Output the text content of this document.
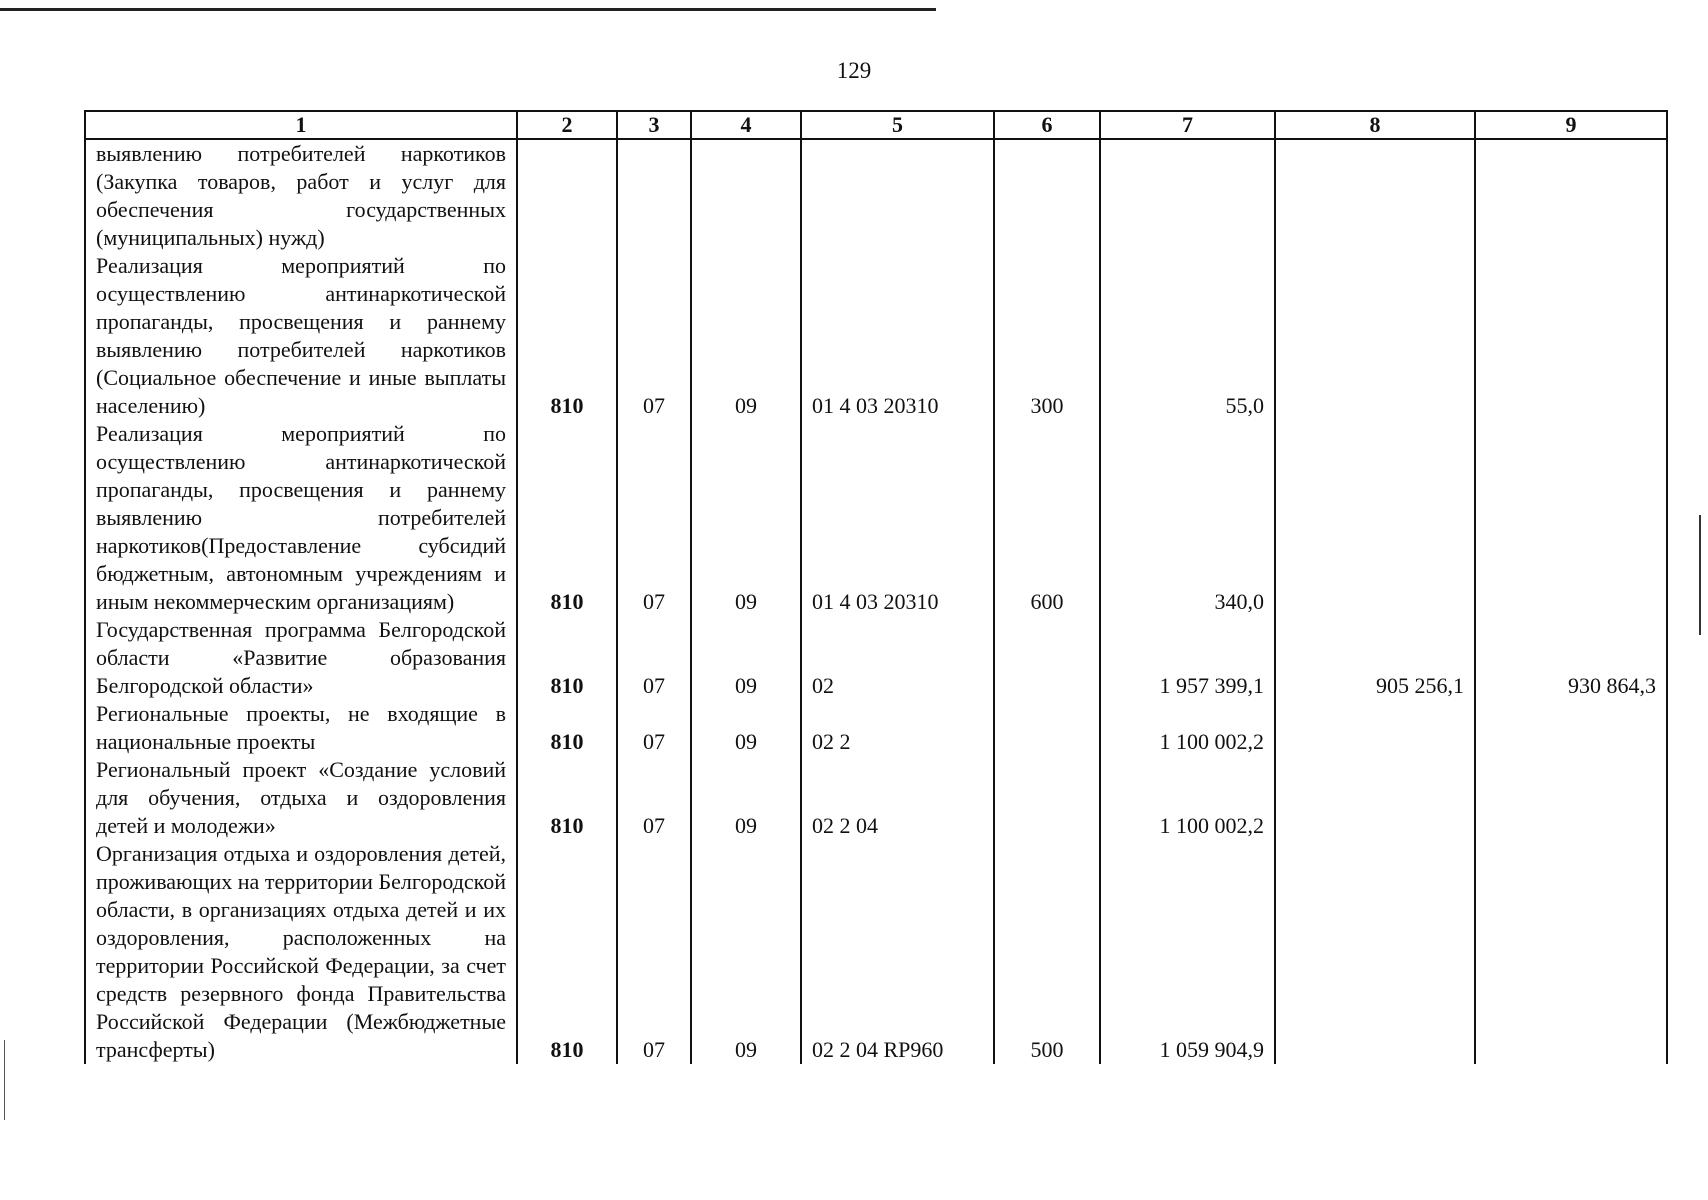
129
1	2	3	4	5	6	7	8	9
выявлению потребителей наркотиков (Закупка товаров, работ и услуг для обеспечения государственных (муниципальных) нужд)								
Реализация мероприятий по осуществлению антинаркотической пропаганды, просвещения и раннему выявлению потребителей наркотиков (Социальное обеспечение и иные выплаты населению)	810	07	09	01 4 03 20310	300	55,0		
Реализация мероприятий по осуществлению антинаркотической пропаганды, просвещения и раннему выявлению потребителей наркотиков(Предоставление субсидий бюджетным, автономным учреждениям и иным некоммерческим организациям)	810	07	09	01 4 03 20310	600	340,0		
Государственная программа Белгородской области «Развитие образования Белгородской области»	810	07	09	02		1 957 399,1	905 256,1	930 864,3
Региональные проекты, не входящие в национальные проекты	810	07	09	02 2		1 100 002,2		
Региональный проект «Создание условий для обучения, отдыха и оздоровления детей и молодежи»	810	07	09	02 2 04		1 100 002,2		
Организация отдыха и оздоровления детей, проживающих на территории Белгородской области, в организациях отдыха детей и их оздоровления, расположенных на территории Российской Федерации, за счет средств резервного фонда Правительства Российской Федерации (Межбюджетные трансферты)	810	07	09	02 2 04 RP960	500	1 059 904,9		
